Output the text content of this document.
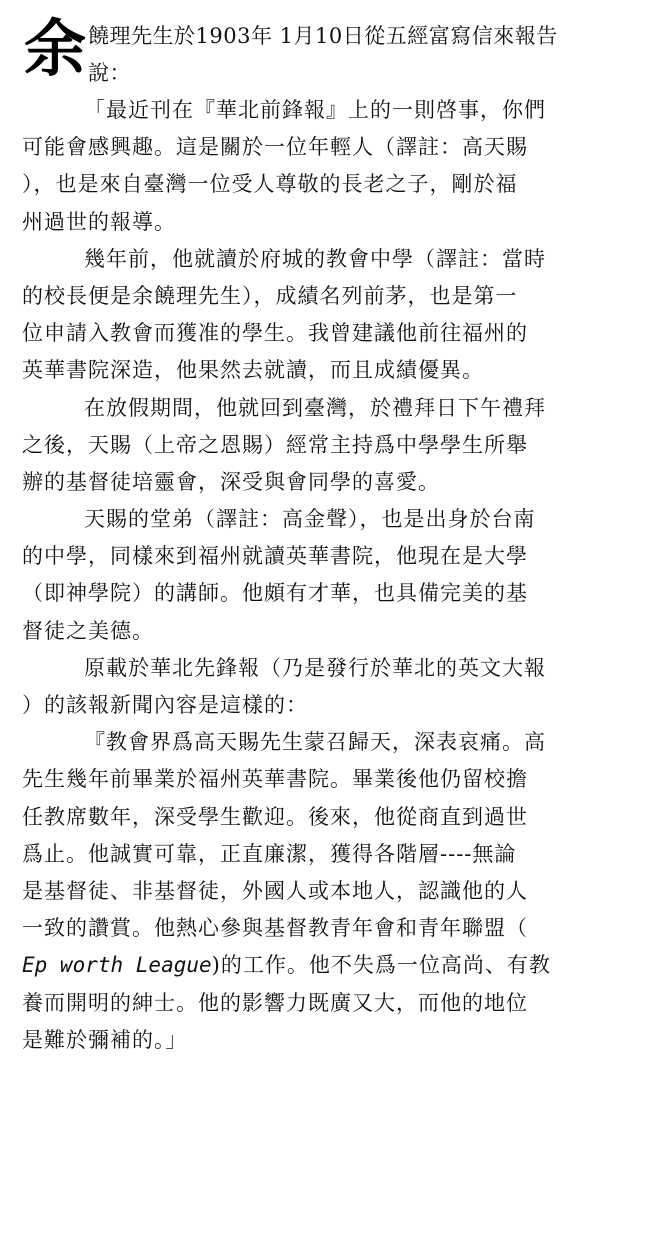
余 饒理先生於1903年 1月10日從五經富寫信來報告
說：
「最近刊在『華北前鋒報』上的一則啓事，你們
可能會感興趣。這是關於一位年輕人（譯註：高天賜
），也是來自臺灣一位受人尊敬的長老之子，剛於福
州過世的報導。
幾年前，他就讀於府城的教會中學（譯註：當時
的校長便是余饒理先生），成績名列前茅，也是第一
位申請入教會而獲准的學生。我曾建議他前往福州的
英華書院深造，他果然去就讀，而且成績優異。
在放假期間，他就回到臺灣，於禮拜日下午禮拜
之後，天賜（上帝之恩賜）經常主持爲中學學生所舉
辦的基督徒培靈會，深受與會同學的喜愛。
天賜的堂弟（譯註：高金聲），也是出身於台南
的中學，同樣來到福州就讀英華書院，他現在是大學
（即神學院）的講師。他頗有才華，也具備完美的基
督徒之美德。
原載於華北先鋒報（乃是發行於華北的英文大報
）的該報新聞內容是這樣的：
『教會界爲高天賜先生蒙召歸天，深表哀痛。高
先生幾年前畢業於福州英華書院。畢業後他仍留校擔
任教席數年，深受學生歡迎。後來，他從商直到過世
爲止。他誠實可靠，正直廉潔，獲得各階層----無論
是基督徒、非基督徒，外國人或本地人，認識他的人
一致的讚賞。他熱心參與基督教青年會和青年聯盟（
Ep worth League)的工作。他不失爲一位高尚、有教
養而開明的紳士。他的影響力既廣又大，而他的地位
是難於彌補的。」
